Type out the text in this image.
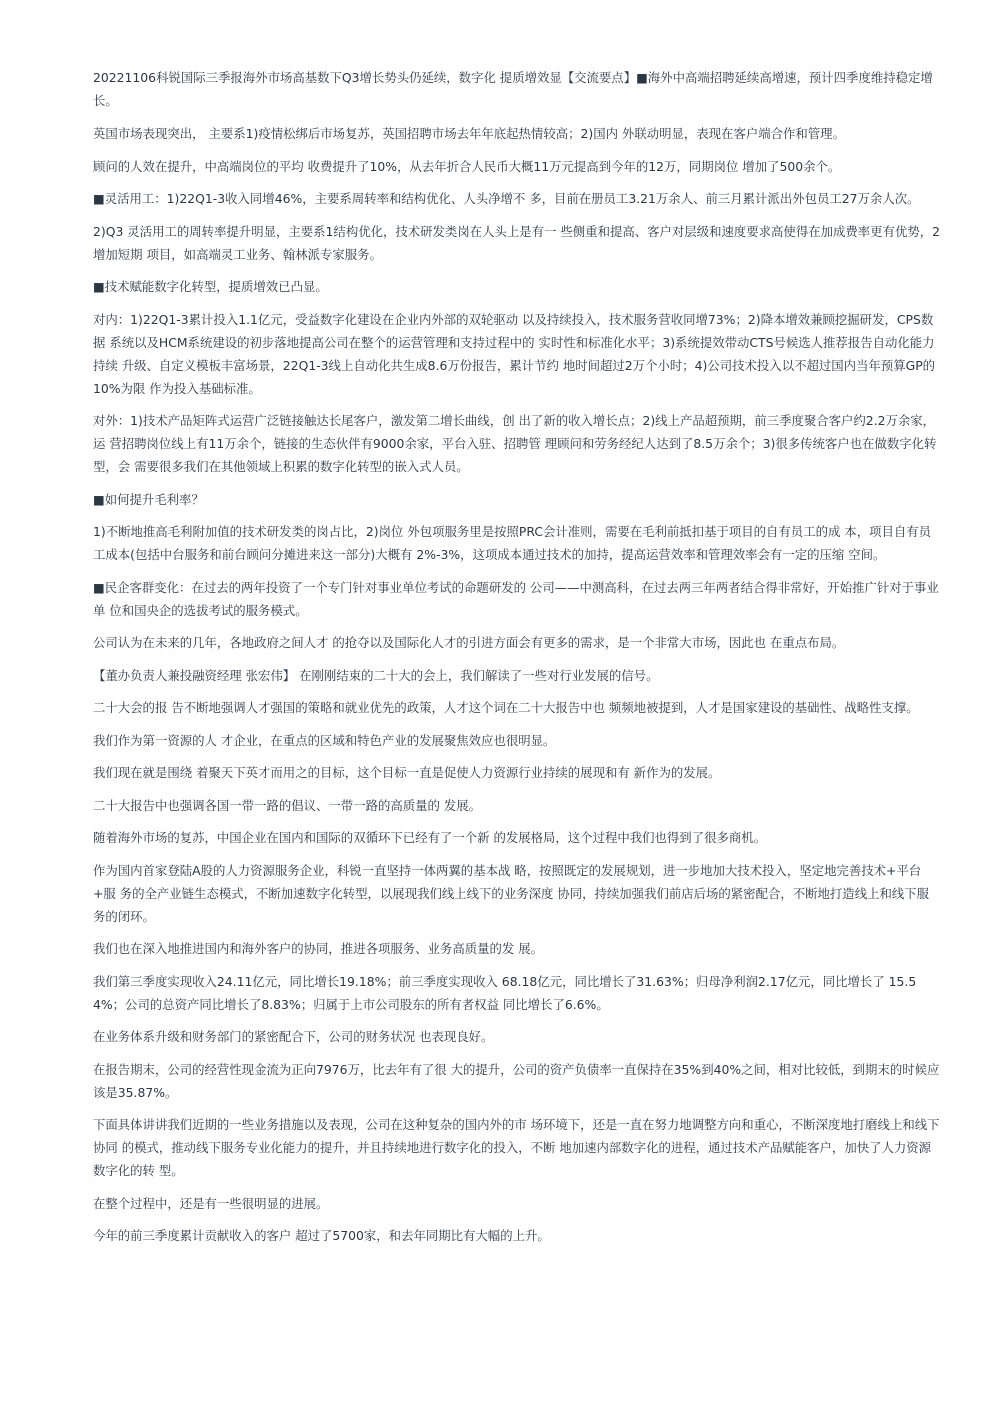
20221106科锐国际三季报海外市场高基数下Q3增长势头仍延续，数字化 提质增效显【交流要点】■海外中高端招聘延续高增速，预计四季度维持稳定增长。

英国市场表现突出， 主要系1)疫情松绑后市场复苏，英国招聘市场去年年底起热情较高；2)国内 外联动明显，表现在客户端合作和管理。

顾问的人效在提升，中高端岗位的平均 收费提升了10%，从去年折合人民币大概11万元提高到今年的12万，同期岗位 增加了500余个。

■灵活用工：1)22Q1-3收入同增46%，主要系周转率和结构优化、人头净增不 多，目前在册员工3.21万余人、前三月累计派出外包员工27万余人次。

2)Q3 灵活用工的周转率提升明显，主要系1结构优化，技术研发类岗在人头上是有一 些侧重和提高、客户对层级和速度要求高使得在加成费率更有优势，2增加短期 项目，如高端灵工业务、翰林派专家服务。

■技术赋能数字化转型，提质增效已凸显。

对内：1)22Q1-3累计投入1.1亿元，受益数字化建设在企业内外部的双轮驱动 以及持续投入，技术服务营收同增73%；2)降本增效兼顾挖掘研发，CPS数据 系统以及HCM系统建设的初步落地提高公司在整个的运营管理和支持过程中的 实时性和标准化水平；3)系统提效带动CTS号候选人推荐报告自动化能力持续 升级、自定义模板丰富场景，22Q1-3线上自动化共生成8.6万份报告，累计节约 地时间超过2万个小时；4)公司技术投入以不超过国内当年预算GP的10%为限 作为投入基础标准。

对外：1)技术产品矩阵式运营广泛链接触达长尾客户，激发第二增长曲线，创 出了新的收入增长点；2)线上产品超预期，前三季度聚合客户约2.2万余家，运 营招聘岗位线上有11万余个，链接的生态伙伴有9000余家，平台入驻、招聘管 理顾问和劳务经纪人达到了8.5万余个；3)很多传统客户也在做数字化转型，会 需要很多我们在其他领域上积累的数字化转型的嵌入式人员。

■如何提升毛利率？

1)不断地推高毛利附加值的技术研发类的岗占比，2)岗位 外包项服务里是按照PRC会计准则，需要在毛利前抵扣基于项目的自有员工的成 本，项目自有员工成本(包括中台服务和前台顾问分摊进来这一部分)大概有 2%-3%，这项成本通过技术的加持，提高运营效率和管理效率会有一定的压缩 空间。

■民企客群变化：在过去的两年投资了一个专门针对事业单位考试的命题研发的 公司——中测高科，在过去两三年两者结合得非常好，开始推广针对于事业单 位和国央企的选拔考试的服务模式。

公司认为在未来的几年，各地政府之间人才 的抢夺以及国际化人才的引进方面会有更多的需求，是一个非常大市场，因此也 在重点布局。

【董办负责人兼投融资经理 张宏伟】 在刚刚结束的二十大的会上，我们解读了一些对行业发展的信号。

二十大会的报 告不断地强调人才强国的策略和就业优先的政策，人才这个词在二十大报告中也 频频地被提到，人才是国家建设的基础性、战略性支撑。

我们作为第一资源的人 才企业，在重点的区域和特色产业的发展聚焦效应也很明显。

我们现在就是围绕 着聚天下英才而用之的目标，这个目标一直是促使人力资源行业持续的展现和有 新作为的发展。

二十大报告中也强调各国一带一路的倡议、一带一路的高质量的 发展。

随着海外市场的复苏，中国企业在国内和国际的双循环下已经有了一个新 的发展格局，这个过程中我们也得到了很多商机。

作为国内首家登陆A股的人力资源服务企业，科锐一直坚持一体两翼的基本战 略，按照既定的发展规划，进一步地加大技术投入，坚定地完善技术+平台+服 务的全产业链生态模式，不断加速数字化转型，以展现我们线上线下的业务深度 协同，持续加强我们前店后场的紧密配合，不断地打造线上和线下服务的闭环。

我们也在深入地推进国内和海外客户的协同，推进各项服务、业务高质量的发 展。

我们第三季度实现收入24.11亿元，同比增长19.18%；前三季度实现收入 68.18亿元，同比增长了31.63%；归母净利润2.17亿元，同比增长了 15.54%；公司的总资产同比增长了8.83%；归属于上市公司股东的所有者权益 同比增长了6.6%。

在业务体系升级和财务部门的紧密配合下，公司的财务状况 也表现良好。

在报告期末，公司的经营性现金流为正向7976万，比去年有了很 大的提升，公司的资产负债率一直保持在35%到40%之间，相对比较低，到期末的时候应该是35.87%。

下面具体讲讲我们近期的一些业务措施以及表现，公司在这种复杂的国内外的市 场环境下，还是一直在努力地调整方向和重心，不断深度地打磨线上和线下协同 的模式，推动线下服务专业化能力的提升，并且持续地进行数字化的投入，不断 地加速内部数字化的进程，通过技术产品赋能客户，加快了人力资源数字化的转 型。

在整个过程中，还是有一些很明显的进展。

今年的前三季度累计贡献收入的客户 超过了5700家，和去年同期比有大幅的上升。
